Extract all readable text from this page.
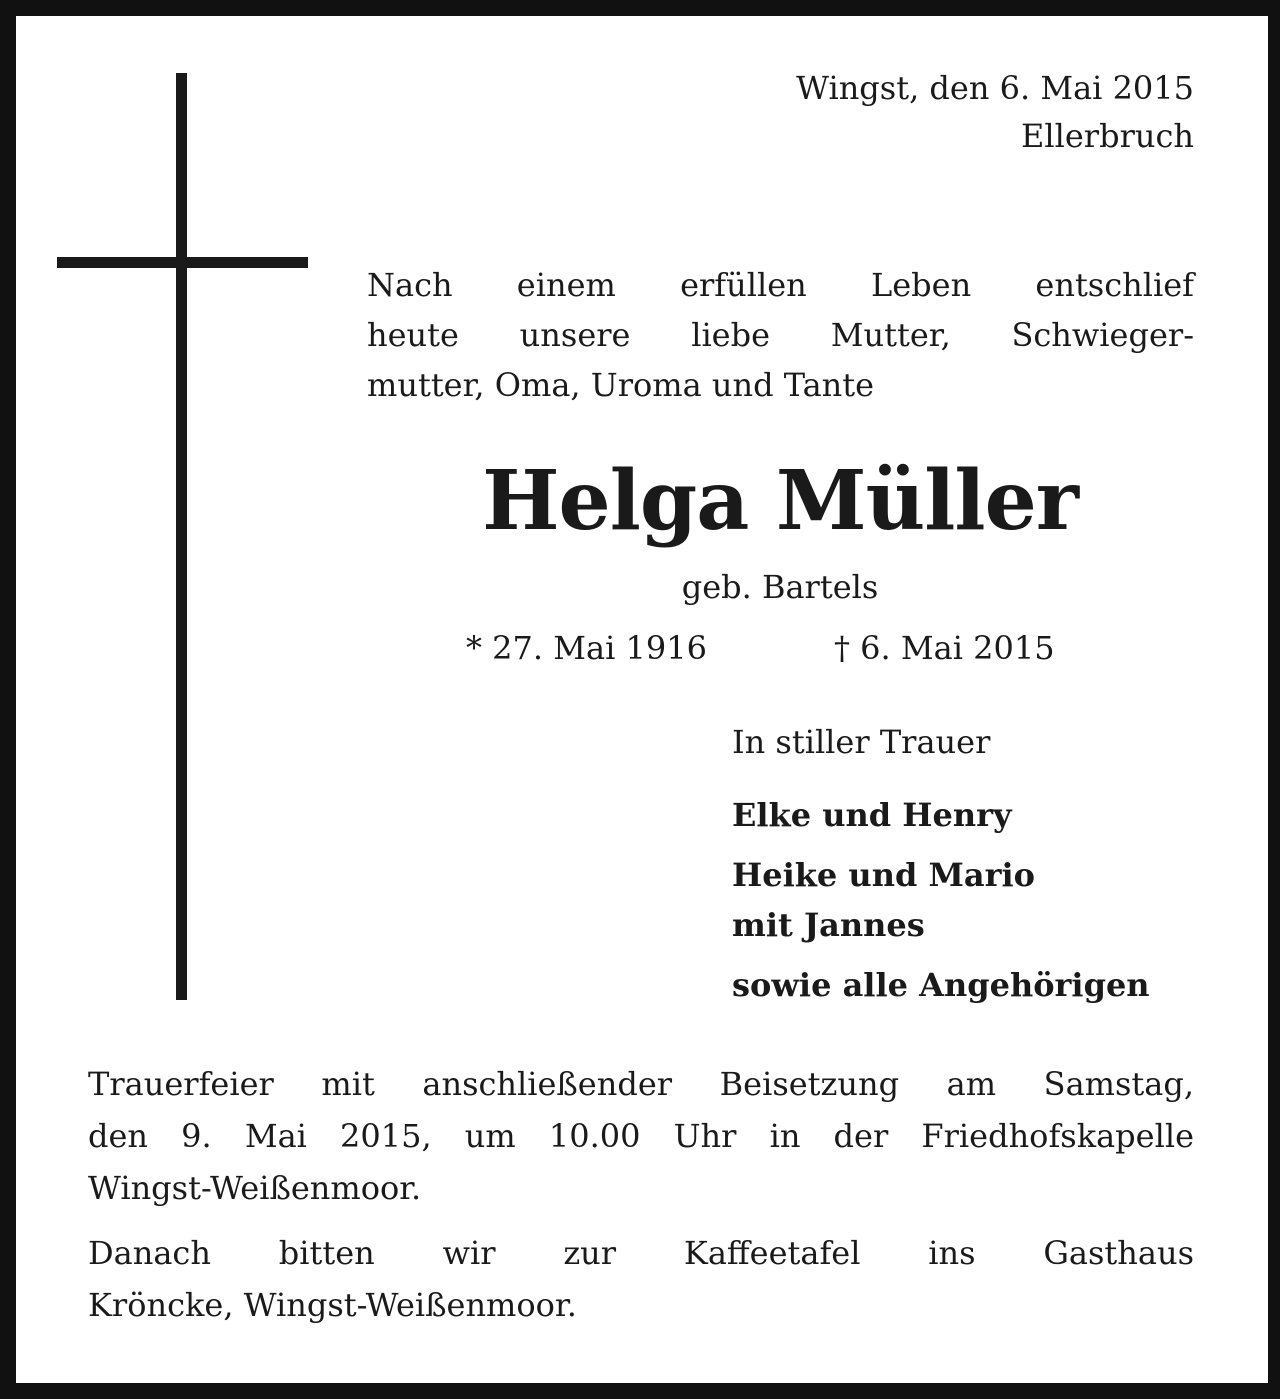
Wingst, den 6. Mai 2015
Ellerbruch
Nach einem erfüllen Leben entschlief
heute unsere liebe Mutter, Schwieger-
mutter, Oma, Uroma und Tante
Helga Müller
geb. Bartels
* 27. Mai 1916	† 6. Mai 2015
In stiller Trauer
Elke und Henry
Heike und Mario
mit Jannes
sowie alle Angehörigen
Trauerfeier mit anschließender Beisetzung am Samstag,
den 9. Mai 2015, um 10.00 Uhr in der Friedhofskapelle
Wingst-Weißenmoor.
Danach bitten wir zur Kaffeetafel ins Gasthaus
Kröncke, Wingst-Weißenmoor.
